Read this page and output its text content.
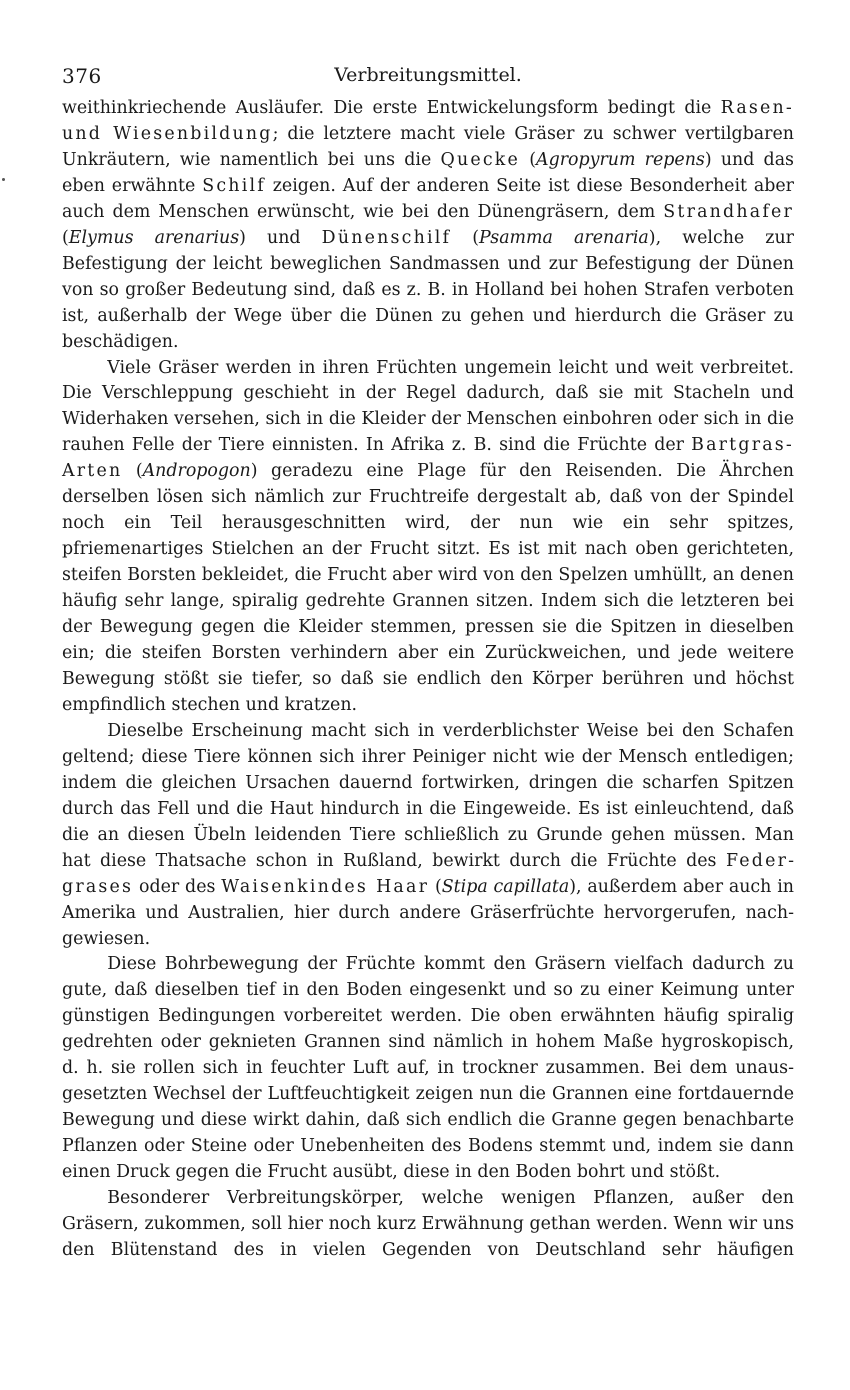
376	Verbreitungsmittel.

weithinkriechende Ausläufer. Die erste Entwickelungsform bedingt die Rasen- und Wiesenbildung; die letztere macht viele Gräser zu schwer vertilgbaren Unkräutern, wie namentlich bei uns die Quecke (Agropyrum repens) und das eben erwähnte Schilf zeigen. Auf der anderen Seite ist diese Besonderheit aber auch dem Menschen erwünscht, wie bei den Dünengräsern, dem Strandhafer (Elymus arenarius) und Dünenschilf (Psamma arenaria), welche zur Befestigung der leicht beweglichen Sandmassen und zur Befestigung der Dünen von so großer Bedeutung sind, daß es z. B. in Holland bei hohen Strafen verboten ist, außerhalb der Wege über die Dünen zu gehen und hierdurch die Gräser zu beschädigen.

Viele Gräser werden in ihren Früchten ungemein leicht und weit verbreitet. Die Verschleppung geschieht in der Regel dadurch, daß sie mit Stacheln und Widerhaken versehen, sich in die Kleider der Menschen einbohren oder sich in die rauhen Felle der Tiere einnisten. In Afrika z. B. sind die Früchte der Bartgras-Arten (Andropogon) geradezu eine Plage für den Reisenden. Die Ährchen derselben lösen sich nämlich zur Fruchtreife dergestalt ab, daß von der Spindel noch ein Teil herausgeschnitten wird, der nun wie ein sehr spitzes, pfriemenartiges Stielchen an der Frucht sitzt. Es ist mit nach oben gerichteten, steifen Borsten bekleidet, die Frucht aber wird von den Spelzen umhüllt, an denen häufig sehr lange, spiralig gedrehte Grannen sitzen. Indem sich die letzteren bei der Bewegung gegen die Kleider stemmen, pressen sie die Spitzen in dieselben ein; die steifen Borsten verhindern aber ein Zurückweichen, und jede weitere Bewegung stößt sie tiefer, so daß sie endlich den Körper berühren und höchst empfindlich stechen und kratzen.

Dieselbe Erscheinung macht sich in verderblichster Weise bei den Schafen geltend; diese Tiere können sich ihrer Peiniger nicht wie der Mensch entledigen; indem die gleichen Ursachen dauernd fortwirken, dringen die scharfen Spitzen durch das Fell und die Haut hindurch in die Eingeweide. Es ist einleuchtend, daß die an diesen Übeln leidenden Tiere schließlich zu Grunde gehen müssen. Man hat diese Thatsache schon in Rußland, bewirkt durch die Früchte des Federgrases oder des Waisenkindes Haar (Stipa capillata), außerdem aber auch in Amerika und Australien, hier durch andere Gräserfrüchte hervorgerufen, nachgewiesen.

Diese Bohrbewegung der Früchte kommt den Gräsern vielfach dadurch zu gute, daß dieselben tief in den Boden eingesenkt und so zu einer Keimung unter günstigen Bedingungen vorbereitet werden. Die oben erwähnten häufig spiralig gedrehten oder geknieten Grannen sind nämlich in hohem Maße hygroskopisch, d. h. sie rollen sich in feuchter Luft auf, in trockner zusammen. Bei dem unausgesetzten Wechsel der Luftfeuchtigkeit zeigen nun die Grannen eine fortdauernde Bewegung und diese wirkt dahin, daß sich endlich die Granne gegen benachbarte Pflanzen oder Steine oder Unebenheiten des Bodens stemmt und, indem sie dann einen Druck gegen die Frucht ausübt, diese in den Boden bohrt und stößt.

Besonderer Verbreitungskörper, welche wenigen Pflanzen, außer den Gräsern, zukommen, soll hier noch kurz Erwähnung gethan werden. Wenn wir uns den Blütenstand des in vielen Gegenden von Deutschland sehr häufigen
